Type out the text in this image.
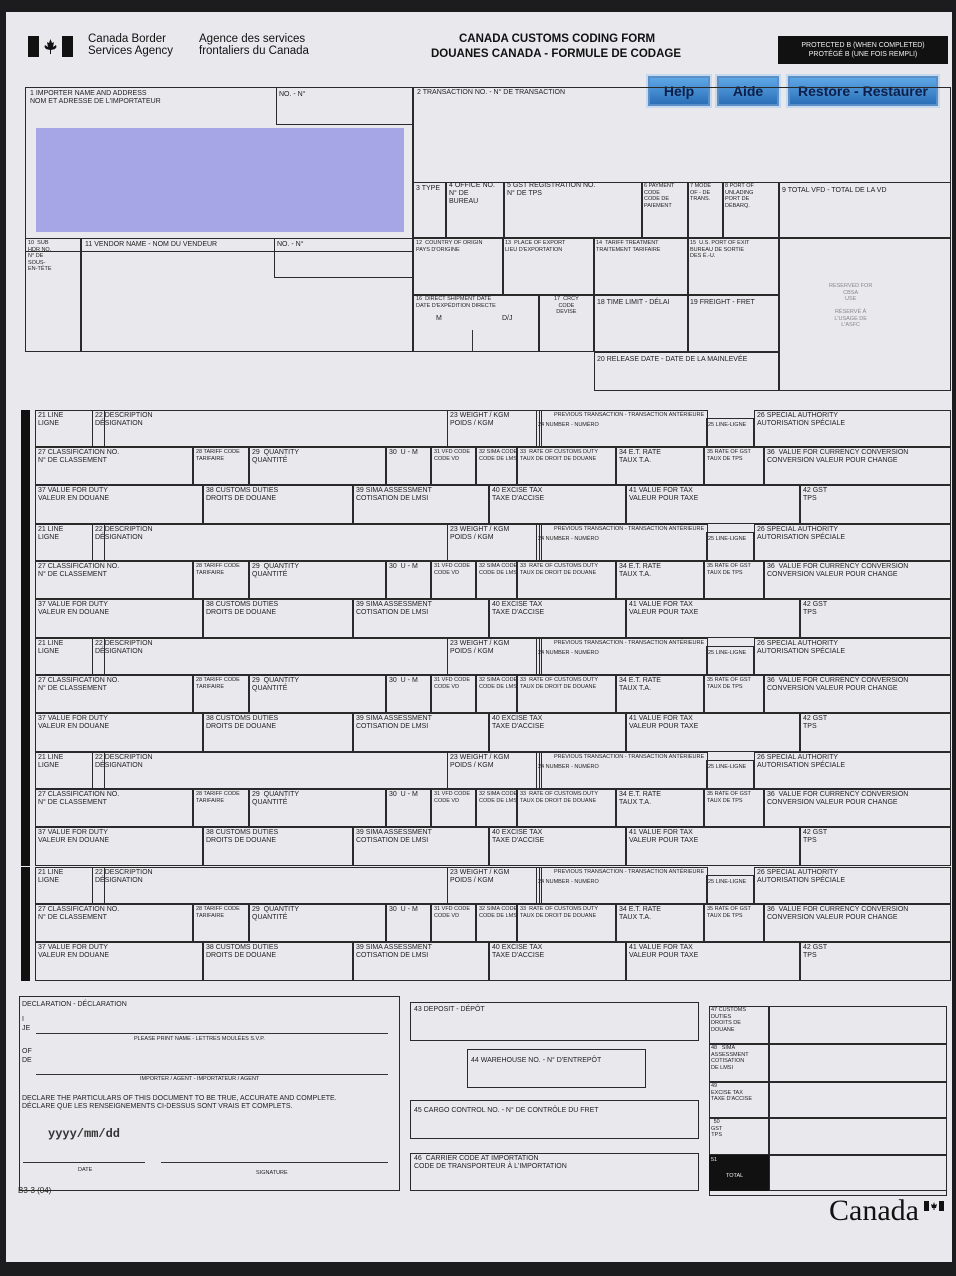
Canada Border
Services Agency
Agence des services
frontaliers du Canada
CANADA CUSTOMS CODING FORM
DOUANES CANADA - FORMULE DE CODAGE
PROTECTED B (WHEN COMPLETED)
PROTÉGÉ B (UNE FOIS REMPLI)
Help	Aide	Restore - Restaurer
1 IMPORTER NAME AND ADDRESS
NOM ET ADRESSE DE L'IMPORTATEUR
NO. - N°	2 TRANSACTION NO. - N° DE TRANSACTION
3 TYPE 4 OFFICE NO.
N° DE
BUREAU
5 GST REGISTRATION NO.
N° DE TPS
6 PAYMENT
CODE
CODE DE
PAIEMENT
7 MODE
OF - DE
TRANS.
8 PORT OF
UNLADING
PORT DE
DÉBARQ.
9 TOTAL VFD - TOTAL DE LA VD
10  SUB
HDR NO.
N° DE
SOUS-
EN-TÊTE
11 VENDOR NAME - NOM DU VENDEUR	NO. - N°	12  COUNTRY OF ORIGIN
PAYS D'ORIGINE
13  PLACE OF EXPORT
LIEU D'EXPORTATION
14  TARIFF TREATMENT
TRAITEMENT TARIFAIRE
15  U.S. PORT OF EXIT
BUREAU DE SORTIE
DES É.-U.
16  DIRECT SHIPMENT DATE
DATE D'EXPÉDITION DIRECTE
M	D/J
17  CRCY
CODE
DEVISE
18 TIME LIMIT - DÉLAI	19 FREIGHT - FRET
RESERVED FOR
CBSA
USE

RÉSERVÉ À
L'USAGE DE
L'ASFC
20 RELEASE DATE - DATE DE LA MAINLEVÉE
21 LINE
LIGNE
22 DESCRIPTION
DÉSIGNATION
23 WEIGHT / KGM
POIDS / KGM
PREVIOUS TRANSACTION - TRANSACTION ANTÉRIEURE
24 NUMBER - NUMÉRO	25 LINE-LIGNE
26 SPECIAL AUTHORITY
AUTORISATION SPÉCIALE
27 CLASSIFICATION NO.
N° DE CLASSEMENT
28 TARIFF CODE
TARIFAIRE
29  QUANTITY
QUANTITÉ
30  U - M	31 VFD CODE
CODE VD
32 SIMA CODE
CODE DE LMSI
33  RATE OF CUSTOMS DUTY
TAUX DE DROIT DE DOUANE
34 E.T. RATE
TAUX T.A.
35 RATE OF GST
TAUX DE TPS
36  VALUE FOR CURRENCY CONVERSION
CONVERSION VALEUR POUR CHANGE
37 VALUE FOR DUTY
VALEUR EN DOUANE
38 CUSTOMS DUTIES
DROITS DE DOUANE
39 SIMA ASSESSMENT
COTISATION DE LMSI
40 EXCISE TAX
TAXE D'ACCISE
41 VALUE FOR TAX
VALEUR POUR TAXE
42 GST
TPS
21 LINE
LIGNE
22 DESCRIPTION
DÉSIGNATION
23 WEIGHT / KGM
POIDS / KGM
PREVIOUS TRANSACTION - TRANSACTION ANTÉRIEURE
24 NUMBER - NUMÉRO	25 LINE-LIGNE
26 SPECIAL AUTHORITY
AUTORISATION SPÉCIALE
27 CLASSIFICATION NO.
N° DE CLASSEMENT
28 TARIFF CODE
TARIFAIRE
29  QUANTITY
QUANTITÉ
30  U - M	31 VFD CODE
CODE VD
32 SIMA CODE
CODE DE LMSI
33  RATE OF CUSTOMS DUTY
TAUX DE DROIT DE DOUANE
34 E.T. RATE
TAUX T.A.
35 RATE OF GST
TAUX DE TPS
36  VALUE FOR CURRENCY CONVERSION
CONVERSION VALEUR POUR CHANGE
37 VALUE FOR DUTY
VALEUR EN DOUANE
38 CUSTOMS DUTIES
DROITS DE DOUANE
39 SIMA ASSESSMENT
COTISATION DE LMSI
40 EXCISE TAX
TAXE D'ACCISE
41 VALUE FOR TAX
VALEUR POUR TAXE
42 GST
TPS
21 LINE
LIGNE
22 DESCRIPTION
DÉSIGNATION
23 WEIGHT / KGM
POIDS / KGM
PREVIOUS TRANSACTION - TRANSACTION ANTÉRIEURE
24 NUMBER - NUMÉRO	25 LINE-LIGNE
26 SPECIAL AUTHORITY
AUTORISATION SPÉCIALE
27 CLASSIFICATION NO.
N° DE CLASSEMENT
28 TARIFF CODE
TARIFAIRE
29  QUANTITY
QUANTITÉ
30  U - M	31 VFD CODE
CODE VD
32 SIMA CODE
CODE DE LMSI
33  RATE OF CUSTOMS DUTY
TAUX DE DROIT DE DOUANE
34 E.T. RATE
TAUX T.A.
35 RATE OF GST
TAUX DE TPS
36  VALUE FOR CURRENCY CONVERSION
CONVERSION VALEUR POUR CHANGE
37 VALUE FOR DUTY
VALEUR EN DOUANE
38 CUSTOMS DUTIES
DROITS DE DOUANE
39 SIMA ASSESSMENT
COTISATION DE LMSI
40 EXCISE TAX
TAXE D'ACCISE
41 VALUE FOR TAX
VALEUR POUR TAXE
42 GST
TPS
21 LINE
LIGNE
22 DESCRIPTION
DÉSIGNATION
23 WEIGHT / KGM
POIDS / KGM
PREVIOUS TRANSACTION - TRANSACTION ANTÉRIEURE
24 NUMBER - NUMÉRO	25 LINE-LIGNE
26 SPECIAL AUTHORITY
AUTORISATION SPÉCIALE
27 CLASSIFICATION NO.
N° DE CLASSEMENT
28 TARIFF CODE
TARIFAIRE
29  QUANTITY
QUANTITÉ
30  U - M	31 VFD CODE
CODE VD
32 SIMA CODE
CODE DE LMSI
33  RATE OF CUSTOMS DUTY
TAUX DE DROIT DE DOUANE
34 E.T. RATE
TAUX T.A.
35 RATE OF GST
TAUX DE TPS
36  VALUE FOR CURRENCY CONVERSION
CONVERSION VALEUR POUR CHANGE
37 VALUE FOR DUTY
VALEUR EN DOUANE
38 CUSTOMS DUTIES
DROITS DE DOUANE
39 SIMA ASSESSMENT
COTISATION DE LMSI
40 EXCISE TAX
TAXE D'ACCISE
41 VALUE FOR TAX
VALEUR POUR TAXE
42 GST
TPS
21 LINE
LIGNE
22 DESCRIPTION
DÉSIGNATION
23 WEIGHT / KGM
POIDS / KGM
PREVIOUS TRANSACTION - TRANSACTION ANTÉRIEURE
24 NUMBER - NUMÉRO	25 LINE-LIGNE
26 SPECIAL AUTHORITY
AUTORISATION SPÉCIALE
27 CLASSIFICATION NO.
N° DE CLASSEMENT
28 TARIFF CODE
TARIFAIRE
29  QUANTITY
QUANTITÉ
30  U - M	31 VFD CODE
CODE VD
32 SIMA CODE
CODE DE LMSI
33  RATE OF CUSTOMS DUTY
TAUX DE DROIT DE DOUANE
34 E.T. RATE
TAUX T.A.
35 RATE OF GST
TAUX DE TPS
36  VALUE FOR CURRENCY CONVERSION
CONVERSION VALEUR POUR CHANGE
37 VALUE FOR DUTY
VALEUR EN DOUANE
38 CUSTOMS DUTIES
DROITS DE DOUANE
39 SIMA ASSESSMENT
COTISATION DE LMSI
40 EXCISE TAX
TAXE D'ACCISE
41 VALUE FOR TAX
VALEUR POUR TAXE
42 GST
TPS
DECLARATION - DÉCLARATION
I
JE
PLEASE PRINT NAME - LETTRES MOULÉES S.V.P.
OF
DE
IMPORTER / AGENT - IMPORTATEUR / AGENT
DECLARE THE PARTICULARS OF THIS DOCUMENT TO BE TRUE, ACCURATE AND COMPLETE.
DÉCLARE QUE LES RENSEIGNEMENTS CI-DESSUS SONT VRAIS ET COMPLETS.
yyyy/mm/dd
DATE	SIGNATURE
B3-3 (04)
43 DEPOSIT - DÉPÔT
44 WAREHOUSE NO. - N° D'ENTREPÔT
45 CARGO CONTROL NO. - N° DE CONTRÔLE DU FRET
46  CARRIER CODE AT IMPORTATION
CODE DE TRANSPORTEUR À L'IMPORTATION
47 CUSTOMS
DUTIES
DROITS DE
DOUANE
48   SIMA
ASSESSMENT
COTISATION
DE LMSI
49
EXCISE TAX
TAXE D'ACCISE
50
GST
TPS
51
TOTAL
Canada
